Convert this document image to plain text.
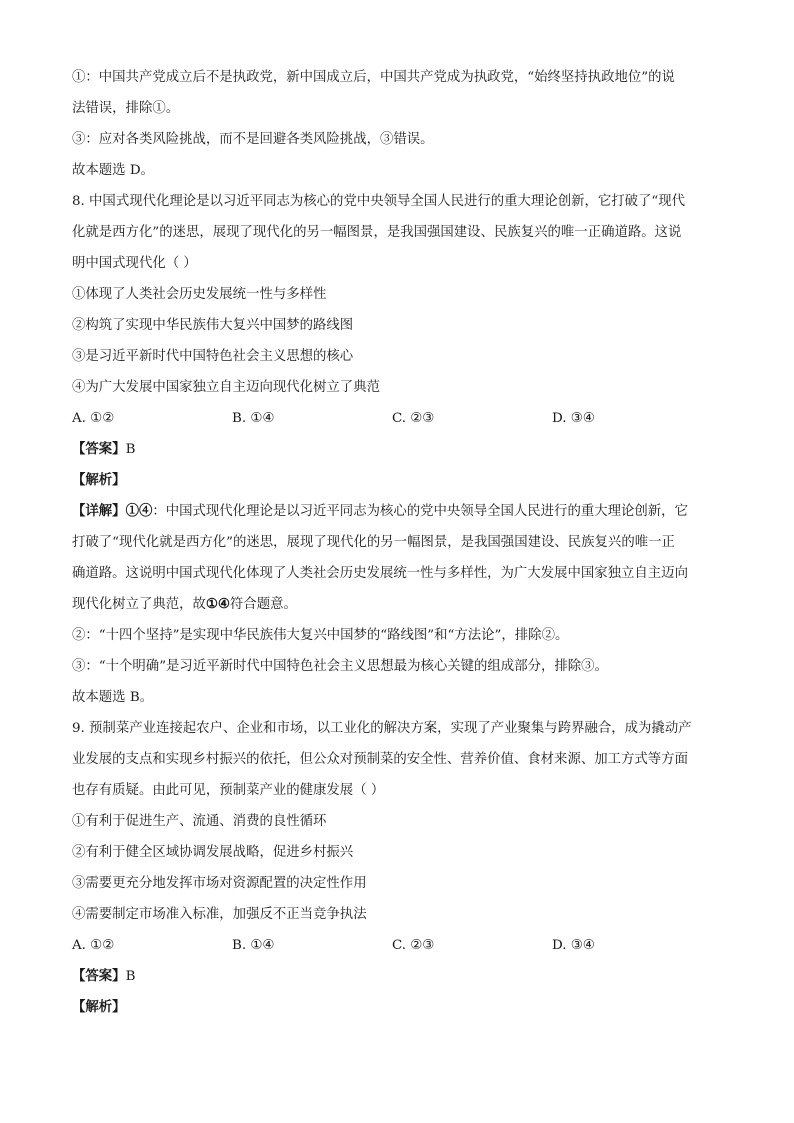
①：中国共产党成立后不是执政党，新中国成立后，中国共产党成为执政党，“始终坚持执政地位”的说
法错误，排除①。
③：应对各类风险挑战，而不是回避各类风险挑战，③错误。
故本题选 D。
8. 中国式现代化理论是以习近平同志为核心的党中央领导全国人民进行的重大理论创新，它打破了“现代
化就是西方化”的迷思，展现了现代化的另一幅图景，是我国强国建设、民族复兴的唯一正确道路。这说
明中国式现代化（ ）
①体现了人类社会历史发展统一性与多样性
②构筑了实现中华民族伟大复兴中国梦的路线图
③是习近平新时代中国特色社会主义思想的核心
④为广大发展中国家独立自主迈向现代化树立了典范
A. ①②	B. ①④	C. ②③	D. ③④
【答案】B
【解析】
【详解】①④：中国式现代化理论是以习近平同志为核心的党中央领导全国人民进行的重大理论创新，它
打破了“现代化就是西方化”的迷思，展现了现代化的另一幅图景，是我国强国建设、民族复兴的唯一正
确道路。这说明中国式现代化体现了人类社会历史发展统一性与多样性，为广大发展中国家独立自主迈向
现代化树立了典范，故①④符合题意。
②：“十四个坚持”是实现中华民族伟大复兴中国梦的“路线图”和“方法论”，排除②。
③：“十个明确”是习近平新时代中国特色社会主义思想最为核心关键的组成部分，排除③。
故本题选 B。
9. 预制菜产业连接起农户、企业和市场，以工业化的解决方案，实现了产业聚集与跨界融合，成为撬动产
业发展的支点和实现乡村振兴的依托，但公众对预制菜的安全性、营养价值、食材来源、加工方式等方面
也存有质疑。由此可见，预制菜产业的健康发展（ ）
①有利于促进生产、流通、消费的良性循环
②有利于健全区域协调发展战略，促进乡村振兴
③需要更充分地发挥市场对资源配置的决定性作用
④需要制定市场准入标准，加强反不正当竞争执法
A. ①②	B. ①④	C. ②③	D. ③④
【答案】B
【解析】
